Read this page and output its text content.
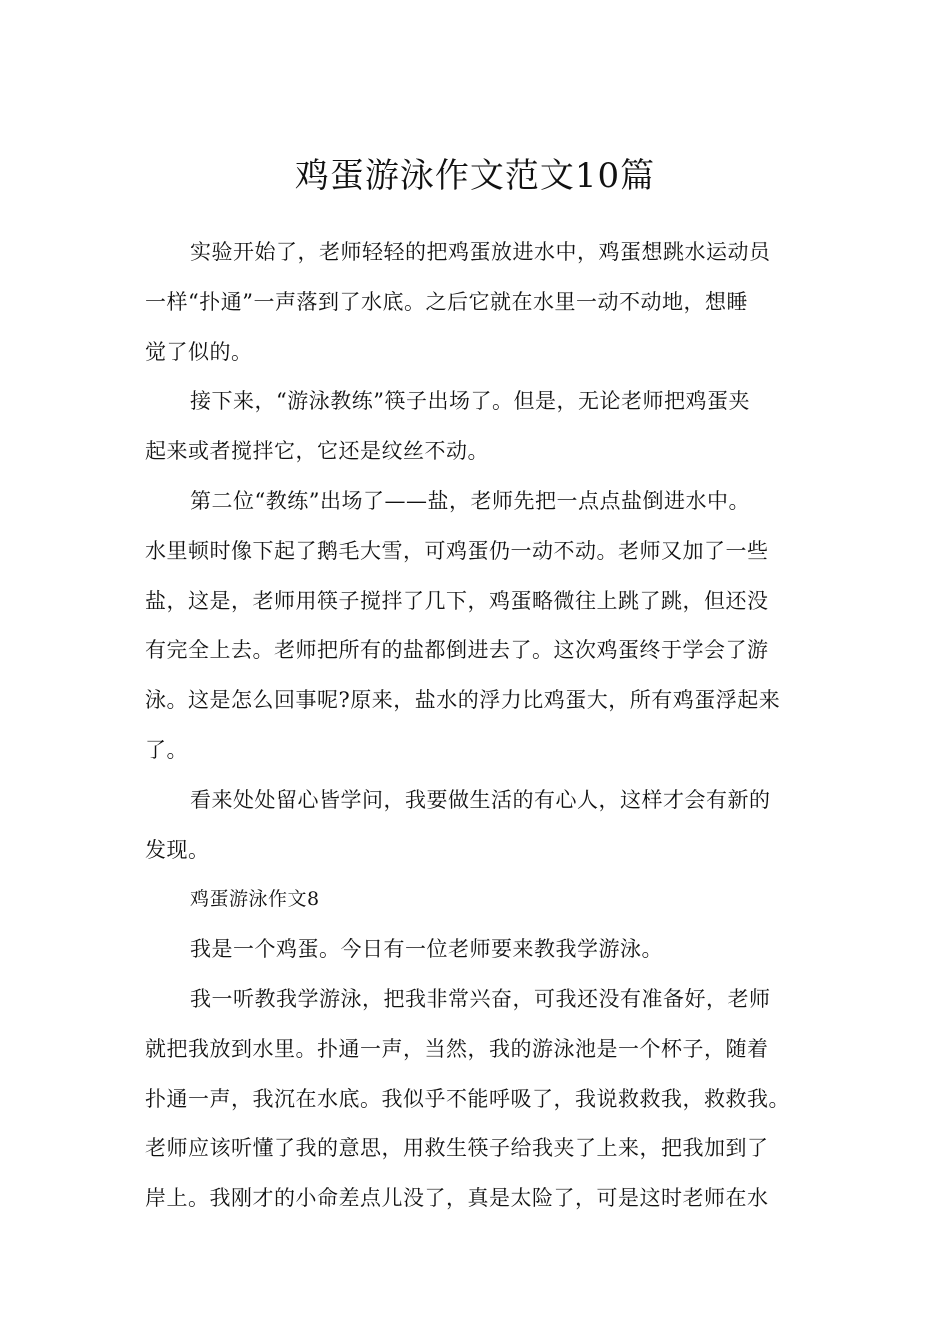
鸡蛋游泳作文范文10篇
实验开始了，老师轻轻的把鸡蛋放进水中，鸡蛋想跳水运动员
一样“扑通”一声落到了水底。之后它就在水里一动不动地，想睡
觉了似的。
接下来，“游泳教练”筷子出场了。但是，无论老师把鸡蛋夹
起来或者搅拌它，它还是纹丝不动。
第二位“教练”出场了——盐，老师先把一点点盐倒进水中。
水里顿时像下起了鹅毛大雪，可鸡蛋仍一动不动。老师又加了一些
盐，这是，老师用筷子搅拌了几下，鸡蛋略微往上跳了跳，但还没
有完全上去。老师把所有的盐都倒进去了。这次鸡蛋终于学会了游
泳。这是怎么回事呢?原来，盐水的浮力比鸡蛋大，所有鸡蛋浮起来
了。
看来处处留心皆学问，我要做生活的有心人，这样才会有新的
发现。
鸡蛋游泳作文8
我是一个鸡蛋。今日有一位老师要来教我学游泳。
我一听教我学游泳，把我非常兴奋，可我还没有准备好，老师
就把我放到水里。扑通一声，当然，我的游泳池是一个杯子，随着
扑通一声，我沉在水底。我似乎不能呼吸了，我说救救我，救救我。
老师应该听懂了我的意思，用救生筷子给我夹了上来，把我加到了
岸上。我刚才的小命差点儿没了，真是太险了，可是这时老师在水
